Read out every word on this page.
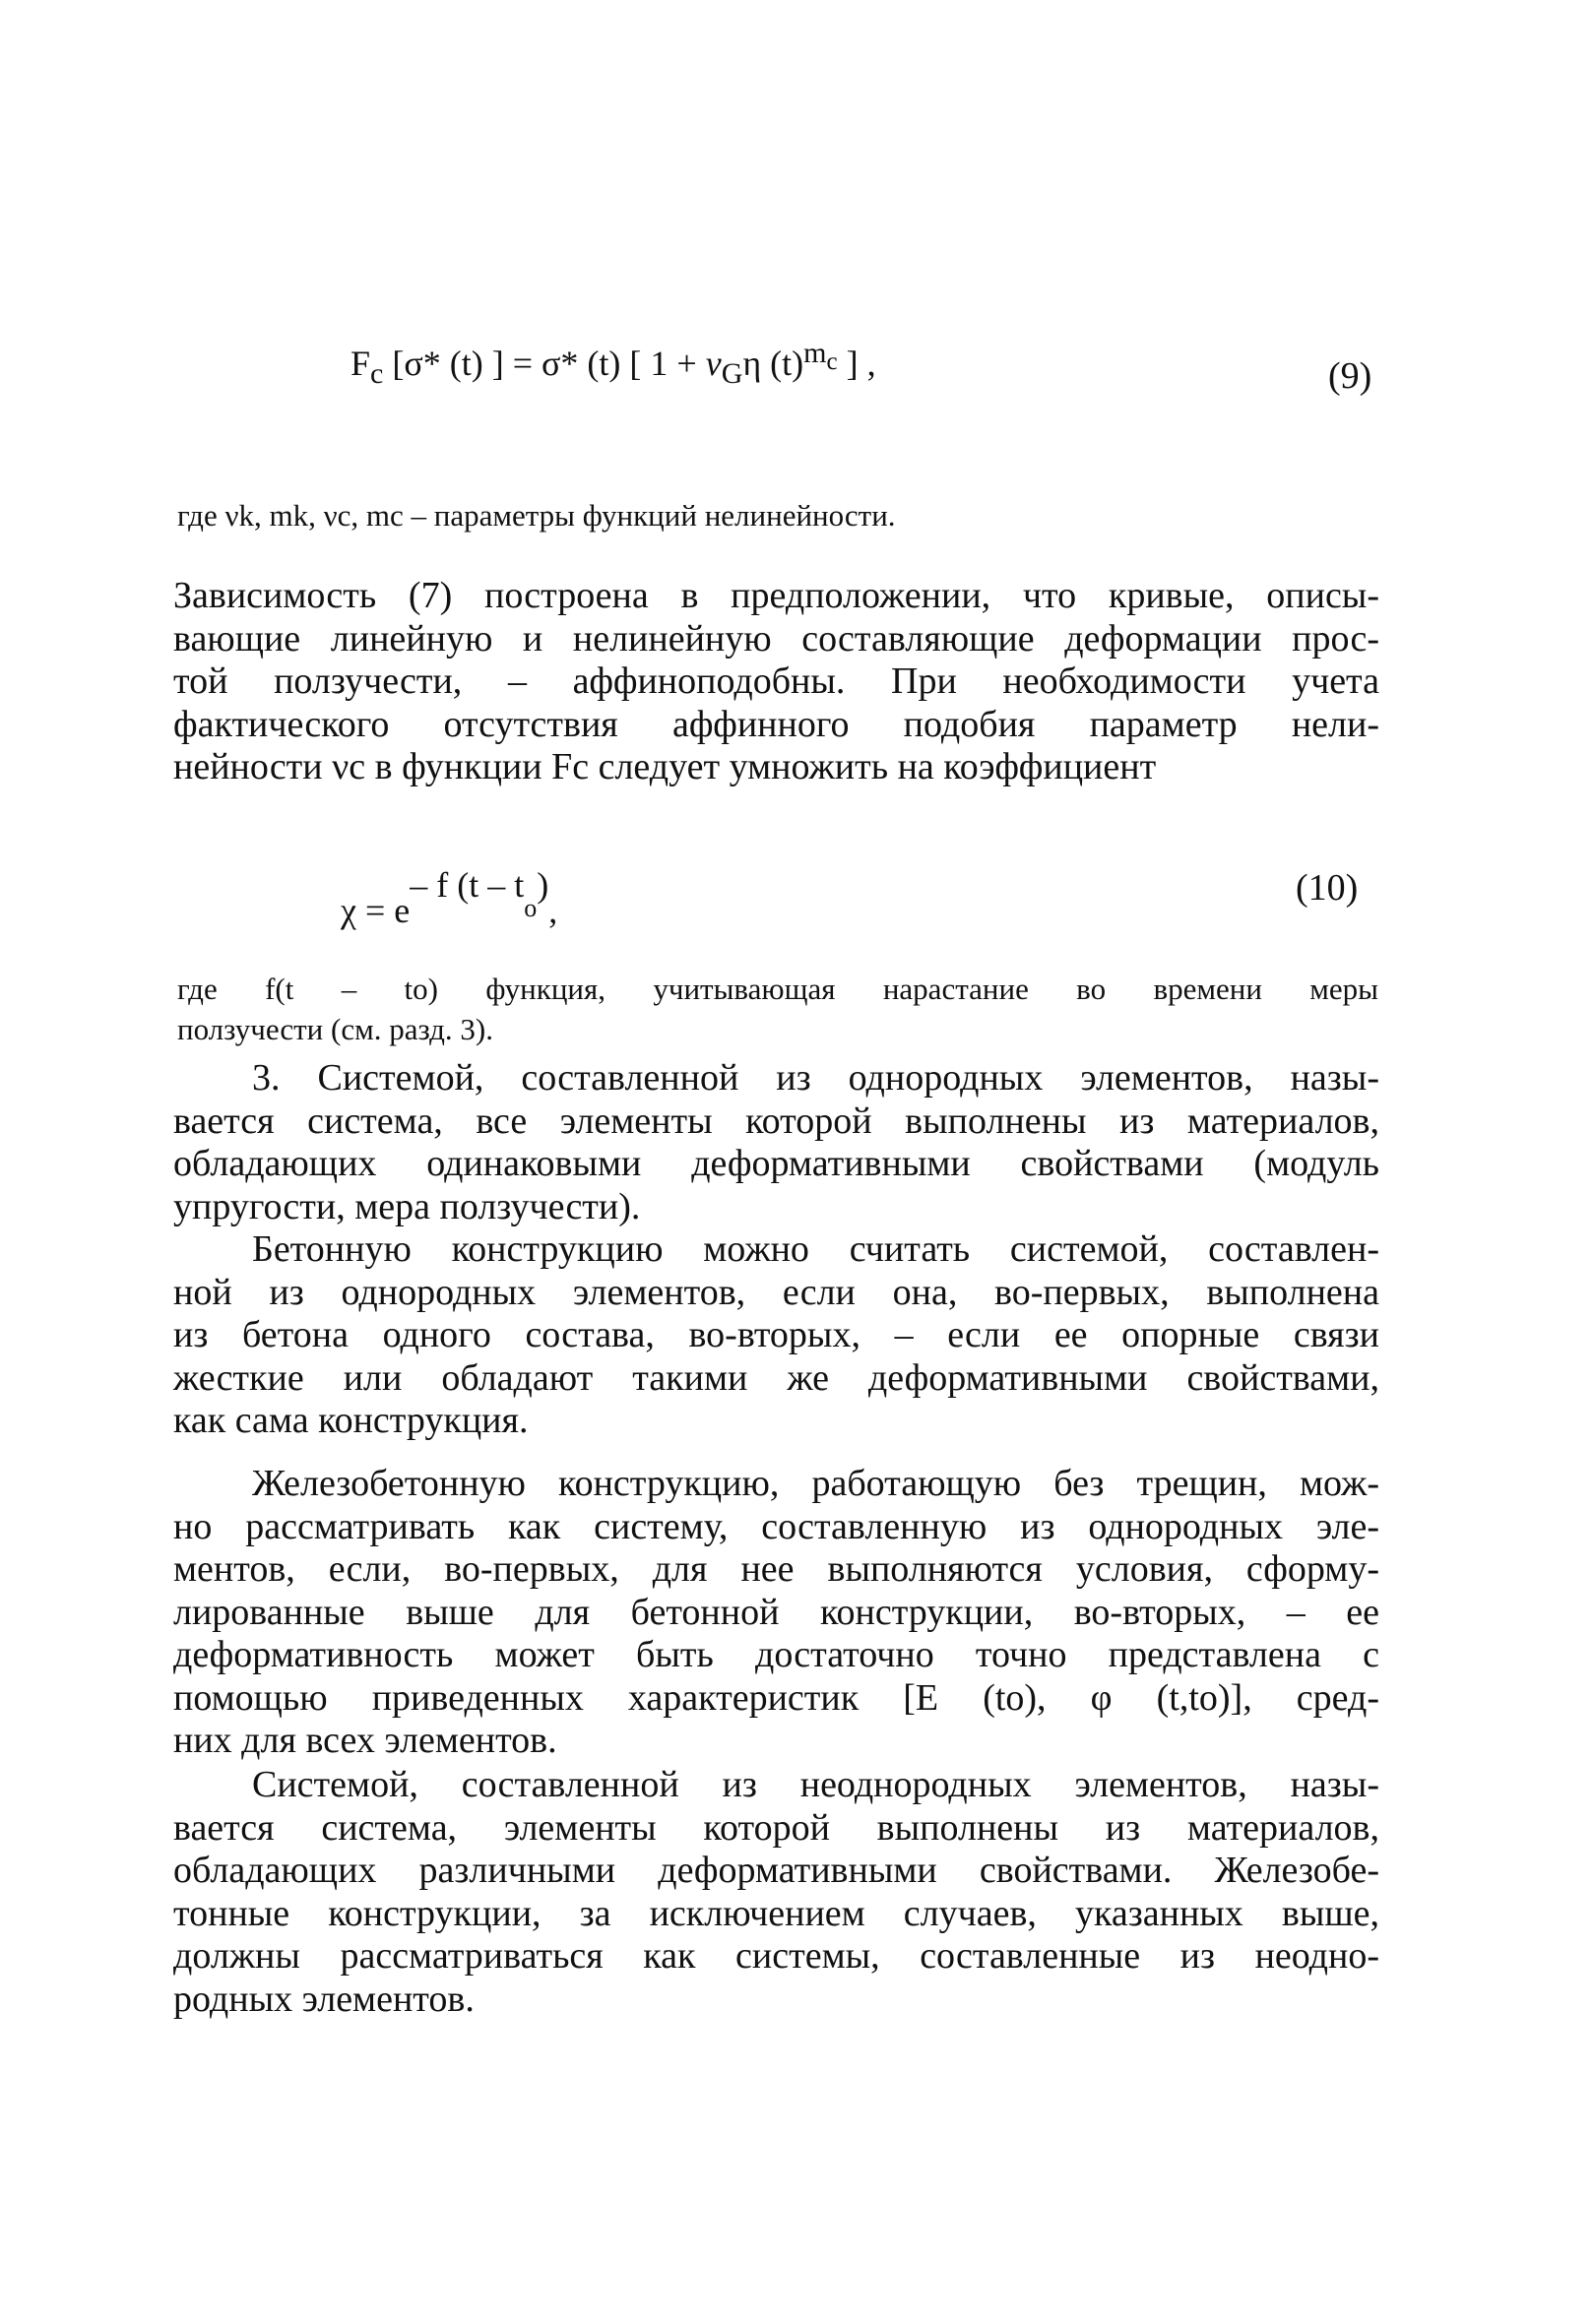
$F_c$ [σ* (t) ] = σ* (t) [ $1 + \nu_G\eta$ $(t)^{m_c}$ ] ,	(9)
где νk, mk, νc, mc – параметры функций нелинейности.
Зависимость (7) построена в предположении, что кривые, описы-
вающие линейную и нелинейную составляющие деформации прос-
той ползучести, – аффиноподобны. При необходимости учета
фактического отсутствия аффинного подобия параметр нели-
нейности νc в функции Fc следует умножить на коэффициент
$\chi = e^{- f (t - t_o)}$,
(10)
где f(t – to) функция, учитывающая нарастание во времени меры
ползучести (см. разд. 3).
3. Системой, составленной из однородных элементов, назы-
вается система, все элементы которой выполнены из материалов,
обладающих одинаковыми деформативными свойствами (модуль
упругости, мера ползучести).
Бетонную конструкцию можно считать системой, составлен-
ной из однородных элементов, если она, во-первых, выполнена
из бетона одного состава, во-вторых, – если ее опорные связи
жесткие или обладают такими же деформативными свойствами,
как сама конструкция.
Железобетонную конструкцию, работающую без трещин, мож-
но рассматривать как систему, составленную из однородных эле-
ментов, если, во-первых, для нее выполняются условия, сформу-
лированные выше для бетонной конструкции, во-вторых, – ее
деформативность может быть достаточно точно представлена с
помощью приведенных характеристик [E (to), φ (t,to)], сред-
них для всех элементов.
Системой, составленной из неоднородных элементов, назы-
вается система, элементы которой выполнены из материалов,
обладающих различными деформативными свойствами. Железобе-
тонные конструкции, за исключением случаев, указанных выше,
должны рассматриваться как системы, составленные из неодно-
родных элементов.
